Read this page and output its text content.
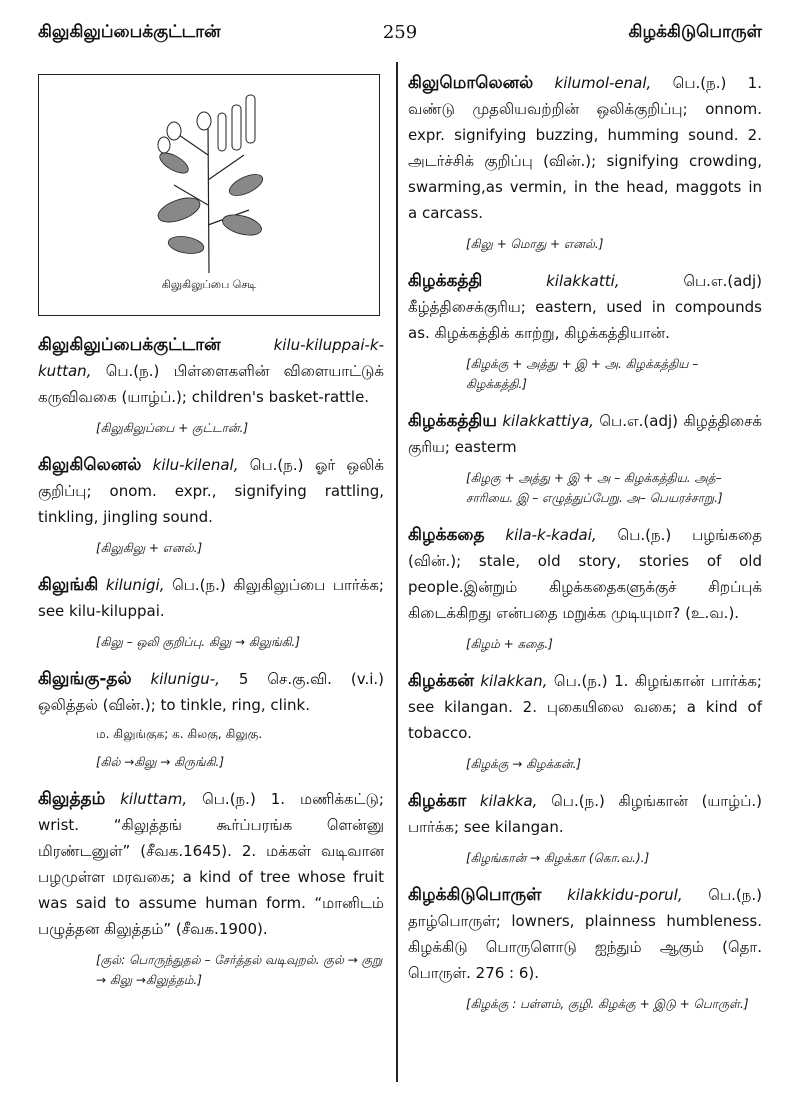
கிலுகிலுப்பைக்குட்டான்	259	கிழக்கிடுபொருள்
கிலுகிலுப்பை செடி

கிலுகிலுப்பைக்குட்டான்	kilu-kiluppai-k-kuttan, பெ.(ந.) பிள்ளைகளின் விளையாட்டுக் கருவிவகை (யாழ்ப்.); children's basket-rattle.

[கிலுகிலுப்பை + குட்டான்.]

கிலுகிலெனல் kilu-kilenal, பெ.(ந.) ஓர் ஒலிக் குறிப்பு; onom. expr., signifying rattling, tinkling, jingling sound.

[கிலுகிலு + எனல்.]

கிலுங்கி kilunigi, பெ.(ந.) கிலுகிலுப்பை பார்க்க; see kilu-kiluppai.

[கிலு – ஒலி குறிப்பு. கிலு → கிலுங்கி.]

கிலுங்கு-தல் kilunigu-, 5 செ.கு.வி. (v.i.) ஒலித்தல் (வின்.); to tinkle, ring, clink.

ம. கிலுங்குக; க. கிலகு, கிலுகு.
[கில் →கிலு → கிருங்கி.]

கிலுத்தம் kiluttam, பெ.(ந.) 1. மணிக்கட்டு; wrist. “கிலுத்தங் கூர்ப்பரங்க ளென்னு மிரண்டனுள்” (சீவக.1645). 2. மக்கள் வடிவான பழமுள்ள மரவகை; a kind of tree whose fruit was said to assume human form. “மானிடம் பழுத்தன கிலுத்தம்” (சீவக.1900).

[குல்: பொருந்துதல் – சேர்த்தல் வடிவுறல். குல் → குறு → கிலு →கிலுத்தம்.]

கிலுமொலெனல் kilumol-enal, பெ.(ந.) 1. வண்டு முதலியவற்றின் ஒலிக்குறிப்பு; onnom. expr. signifying buzzing, humming sound. 2. அடர்ச்சிக் குறிப்பு (வின்.); signifying crowding, swarming,as vermin, in the head, maggots in a carcass.

[கிலு + மொது + எனல்.]

கிழக்கத்தி	kilakkatti,	பெ.எ.(adj) கீழ்த்திசைக்குரிய; eastern, used in compounds as. கிழக்கத்திக் காற்று, கிழக்கத்தியான்.

[கிழக்கு + அத்து + இ + அ. கிழக்கத்திய – கிழக்கத்தி.]

கிழக்கத்திய kilakkattiya, பெ.எ.(adj) கிழத்திசைக் குரிய; easterm

[கிழகு + அத்து + இ + அ – கிழக்கத்திய. அத்–சாரியை. இ – எழுத்துப்பேறு. அ– பெயரச்சாறு.]

கிழக்கதை kila-k-kadai, பெ.(ந.) பழங்கதை (வின்.); stale, old story, stories of old people.இன்றும் கிழக்கதைகளுக்குச் சிறப்புக் கிடைக்கிறது என்பதை மறுக்க முடியுமா? (உ.வ.).

[கிழம் + கதை.]

கிழக்கன் kilakkan, பெ.(ந.) 1. கிழங்கான் பார்க்க; see kilangan. 2. புகையிலை வகை; a kind of tobacco.

[கிழக்கு → கிழக்கன்.]

கிழக்கா kilakka, பெ.(ந.) கிழங்கான் (யாழ்ப்.) பார்க்க; see kilangan.

[கிழங்கான் → கிழக்கா (கொ.வ.).]

கிழக்கிடுபொருள் kilakkidu-porul, பெ.(ந.) தாழ்பொருள்; lowners, plainness humbleness. கிழக்கிடு பொருளொடு ஐந்தும் ஆகும் (தொ. பொருள். 276 : 6).

[கிழக்கு : பள்ளம், குழி. கிழக்கு + இடு + பொருள்.]
